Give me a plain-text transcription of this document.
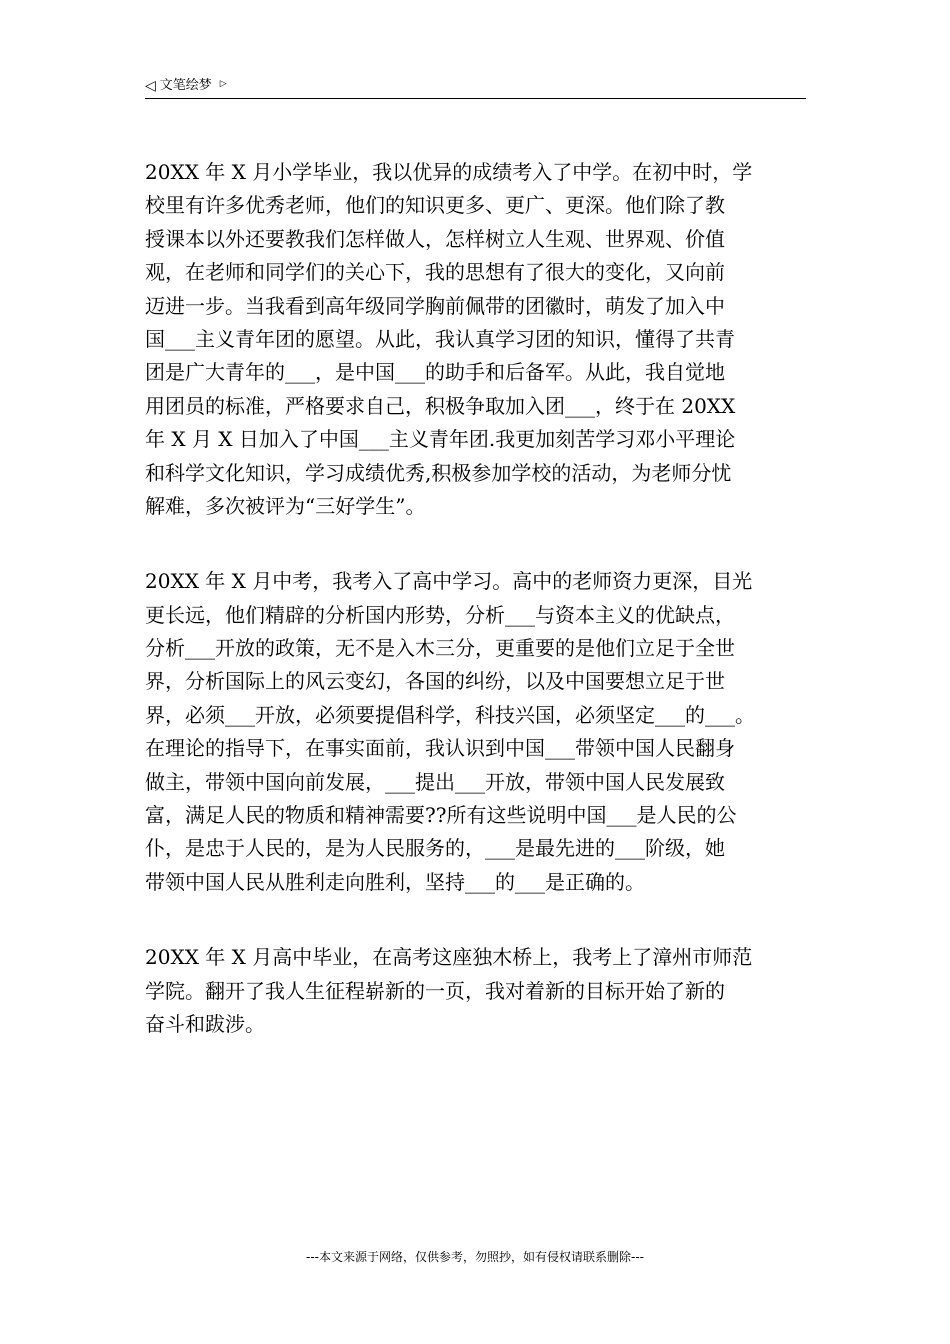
◁ 文笔绘梦 ▷
20XX 年 X 月小学毕业，我以优异的成绩考入了中学。在初中时，学
校里有许多优秀老师，他们的知识更多、更广、更深。他们除了教
授课本以外还要教我们怎样做人，怎样树立人生观、世界观、价值
观，在老师和同学们的关心下，我的思想有了很大的变化，又向前
迈进一步。当我看到高年级同学胸前佩带的团徽时，萌发了加入中
国___主义青年团的愿望。从此，我认真学习团的知识，懂得了共青
团是广大青年的___，是中国___的助手和后备军。从此，我自觉地
用团员的标准，严格要求自己，积极争取加入团___，终于在 20XX
年 X 月 X 日加入了中国___主义青年团.我更加刻苦学习邓小平理论
和科学文化知识，学习成绩优秀,积极参加学校的活动，为老师分忧
解难，多次被评为“三好学生”。
20XX 年 X 月中考，我考入了高中学习。高中的老师资力更深，目光
更长远，他们精辟的分析国内形势，分析___与资本主义的优缺点，
分析___开放的政策，无不是入木三分，更重要的是他们立足于全世
界，分析国际上的风云变幻，各国的纠纷，以及中国要想立足于世
界，必须___开放，必须要提倡科学，科技兴国，必须坚定___的___。
在理论的指导下，在事实面前，我认识到中国___带领中国人民翻身
做主，带领中国向前发展，___提出___开放，带领中国人民发展致
富，满足人民的物质和精神需要??所有这些说明中国___是人民的公
仆，是忠于人民的，是为人民服务的，___是最先进的___阶级，她
带领中国人民从胜利走向胜利，坚持___的___是正确的。
20XX 年 X 月高中毕业，在高考这座独木桥上，我考上了漳州市师范
学院。翻开了我人生征程崭新的一页，我对着新的目标开始了新的
奋斗和跋涉。
---本文来源于网络，仅供参考，勿照抄，如有侵权请联系删除---
